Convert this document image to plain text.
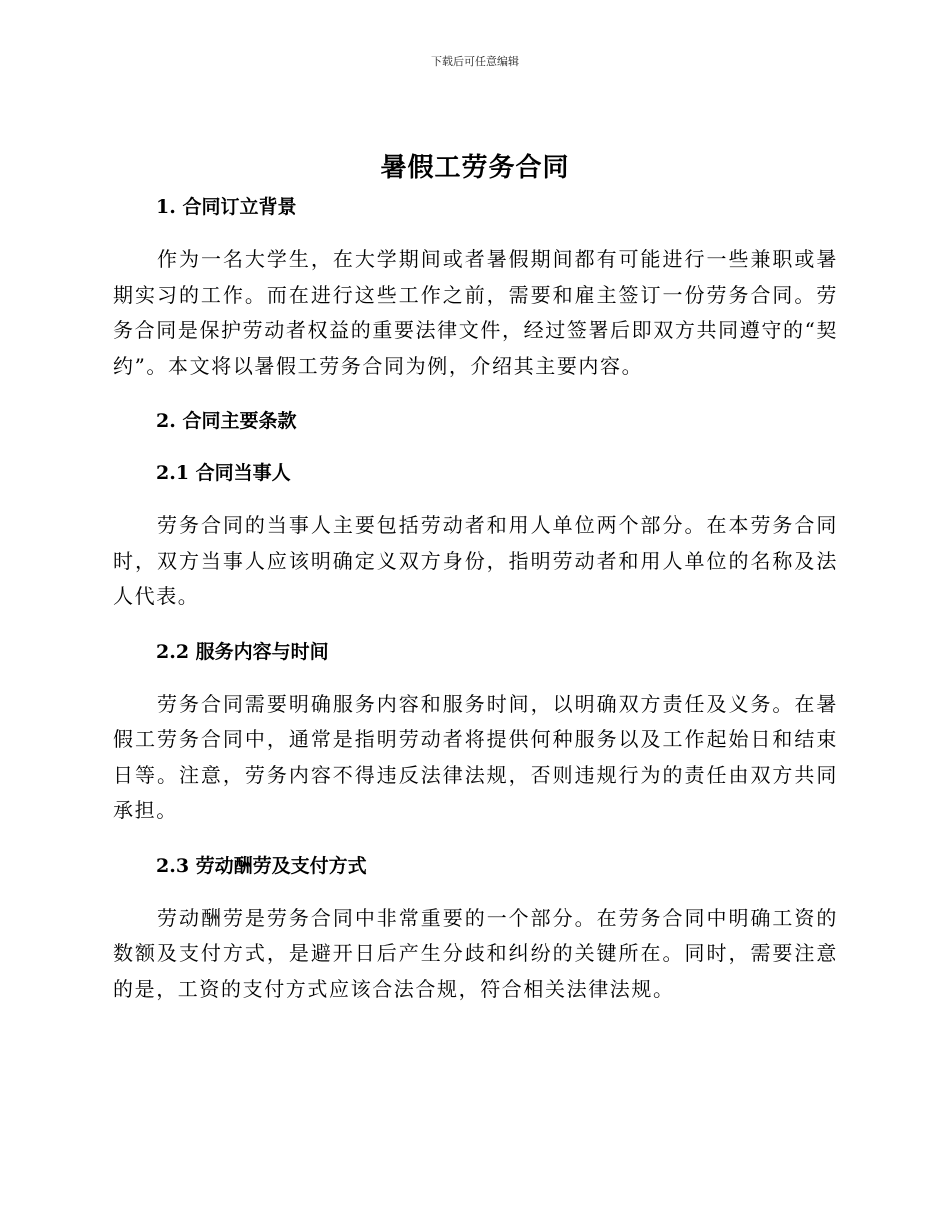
下载后可任意编辑
暑假工劳务合同

1. 合同订立背景

作为一名大学生，在大学期间或者暑假期间都有可能进行一些兼职或暑期实习的工作。而在进行这些工作之前，需要和雇主签订一份劳务合同。劳务合同是保护劳动者权益的重要法律文件，经过签署后即双方共同遵守的“契约”。本文将以暑假工劳务合同为例，介绍其主要内容。

2. 合同主要条款

2.1 合同当事人

劳务合同的当事人主要包括劳动者和用人单位两个部分。在本劳务合同时，双方当事人应该明确定义双方身份，指明劳动者和用人单位的名称及法人代表。

2.2 服务内容与时间

劳务合同需要明确服务内容和服务时间，以明确双方责任及义务。在暑假工劳务合同中，通常是指明劳动者将提供何种服务以及工作起始日和结束日等。注意，劳务内容不得违反法律法规，否则违规行为的责任由双方共同承担。

2.3 劳动酬劳及支付方式

劳动酬劳是劳务合同中非常重要的一个部分。在劳务合同中明确工资的数额及支付方式，是避开日后产生分歧和纠纷的关键所在。同时，需要注意的是，工资的支付方式应该合法合规，符合相关法律法规。
